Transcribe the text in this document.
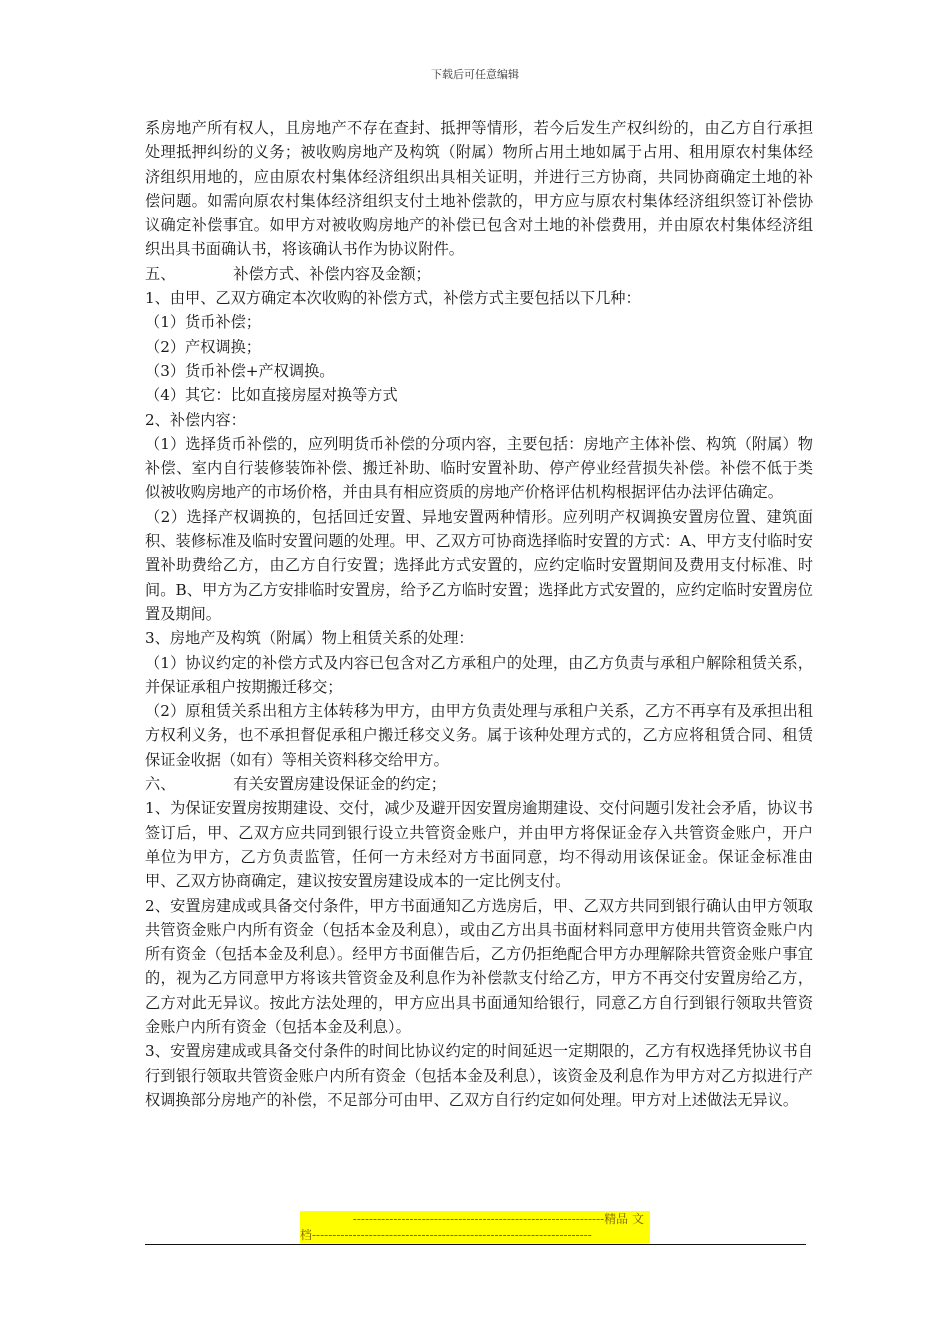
下载后可任意编辑

系房地产所有权人，且房地产不存在查封、抵押等情形，若今后发生产权纠纷的，由乙方自行承担处理抵押纠纷的义务；被收购房地产及构筑（附属）物所占用土地如属于占用、租用原农村集体经济组织用地的，应由原农村集体经济组织出具相关证明，并进行三方协商，共同协商确定土地的补偿问题。如需向原农村集体经济组织支付土地补偿款的，甲方应与原农村集体经济组织签订补偿协议确定补偿事宜。如甲方对被收购房地产的补偿已包含对土地的补偿费用，并由原农村集体经济组织出具书面确认书，将该确认书作为协议附件。

五、            补偿方式、补偿内容及金额；

1、由甲、乙双方确定本次收购的补偿方式，补偿方式主要包括以下几种：

（1）货币补偿；

（2）产权调换；

（3）货币补偿+产权调换。

（4）其它：比如直接房屋对换等方式

2、补偿内容：

（1）选择货币补偿的，应列明货币补偿的分项内容，主要包括：房地产主体补偿、构筑（附属）物补偿、室内自行装修装饰补偿、搬迁补助、临时安置补助、停产停业经营损失补偿。补偿不低于类似被收购房地产的市场价格，并由具有相应资质的房地产价格评估机构根据评估办法评估确定。

（2）选择产权调换的，包括回迁安置、异地安置两种情形。应列明产权调换安置房位置、建筑面积、装修标准及临时安置问题的处理。甲、乙双方可协商选择临时安置的方式：A、甲方支付临时安置补助费给乙方，由乙方自行安置；选择此方式安置的，应约定临时安置期间及费用支付标准、时间。B、甲方为乙方安排临时安置房，给予乙方临时安置；选择此方式安置的，应约定临时安置房位置及期间。

3、房地产及构筑（附属）物上租赁关系的处理：

（1）协议约定的补偿方式及内容已包含对乙方承租户的处理，由乙方负责与承租户解除租赁关系，并保证承租户按期搬迁移交；

（2）原租赁关系出租方主体转移为甲方，由甲方负责处理与承租户关系，乙方不再享有及承担出租方权利义务，也不承担督促承租户搬迁移交义务。属于该种处理方式的，乙方应将租赁合同、租赁保证金收据（如有）等相关资料移交给甲方。

六、            有关安置房建设保证金的约定；

1、为保证安置房按期建设、交付，减少及避开因安置房逾期建设、交付问题引发社会矛盾，协议书签订后，甲、乙双方应共同到银行设立共管资金账户，并由甲方将保证金存入共管资金账户，开户单位为甲方，乙方负责监管，任何一方未经对方书面同意，均不得动用该保证金。保证金标准由甲、乙双方协商确定，建议按安置房建设成本的一定比例支付。

2、安置房建成或具备交付条件，甲方书面通知乙方选房后，甲、乙双方共同到银行确认由甲方领取共管资金账户内所有资金（包括本金及利息），或由乙方出具书面材料同意甲方使用共管资金账户内所有资金（包括本金及利息）。经甲方书面催告后，乙方仍拒绝配合甲方办理解除共管资金账户事宜的，视为乙方同意甲方将该共管资金及利息作为补偿款支付给乙方，甲方不再交付安置房给乙方，乙方对此无异议。按此方法处理的，甲方应出具书面通知给银行，同意乙方自行到银行领取共管资金账户内所有资金（包括本金及利息）。

3、安置房建成或具备交付条件的时间比协议约定的时间延迟一定期限的，乙方有权选择凭协议书自行到银行领取共管资金账户内所有资金（包括本金及利息），该资金及利息作为甲方对乙方拟进行产权调换部分房地产的补偿，不足部分可由甲、乙双方自行约定如何处理。甲方对上述做法无异议。

--------------------------------------------------------------精品 文
档---------------------------------------------------------------------
